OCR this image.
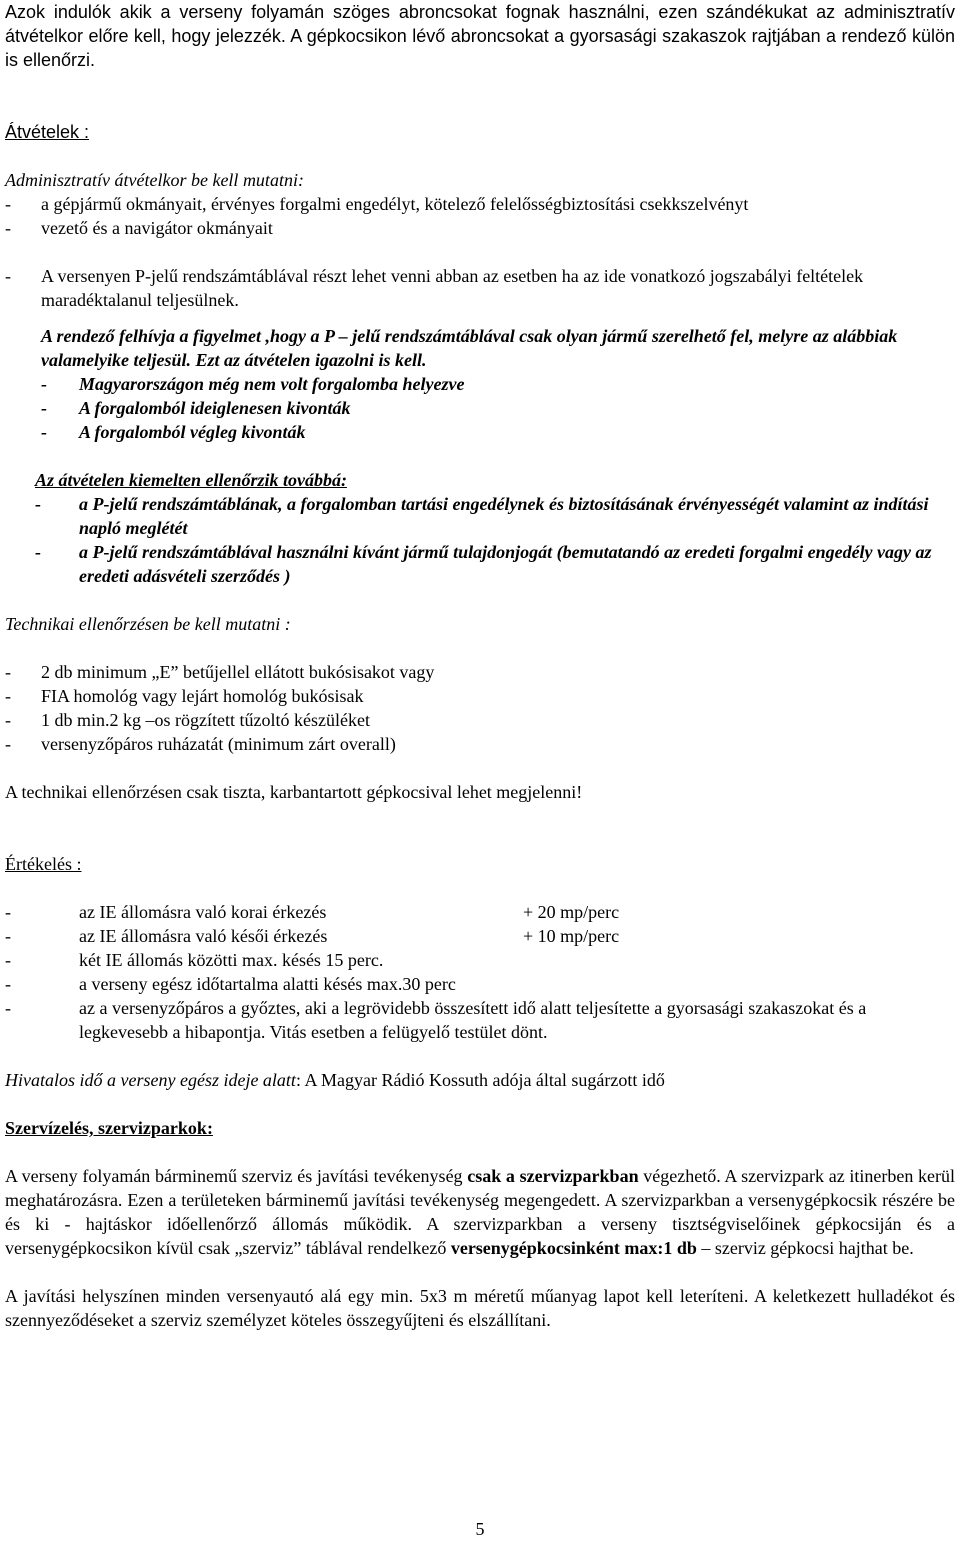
Azok indulók akik a verseny folyamán szöges abroncsokat fognak használni, ezen szándékukat az adminisztratív átvételkor előre kell, hogy jelezzék. A gépkocsikon lévő abroncsokat a gyorsasági szakaszok rajtjában a rendező külön is ellenőrzi.

Átvételek :

Adminisztratív átvételkor be kell mutatni:

-	a gépjármű okmányait, érvényes forgalmi engedélyt, kötelező felelősségbiztosítási csekkszelvényt
-	vezető és a navigátor okmányait
-	A versenyen P-jelű rendszámtáblával részt lehet venni abban az esetben ha az ide vonatkozó jogszabályi feltételek maradéktalanul teljesülnek.

A rendező felhívja a figyelmet ,hogy a P – jelű rendszámtáblával csak olyan jármű szerelhető fel, melyre az alábbiak valamelyike teljesül. Ezt az átvételen igazolni is kell.

-	Magyarországon még nem volt forgalomba helyezve
-	A forgalomból ideiglenesen kivonták
-	A forgalomból végleg kivonták

Az átvételen kiemelten ellenőrzik továbbá:

-	a P-jelű rendszámtáblának, a forgalomban tartási engedélynek és biztosításának érvényességét valamint az indítási napló meglétét
-	a P-jelű rendszámtáblával használni kívánt jármű tulajdonjogát (bemutatandó az eredeti forgalmi engedély vagy az eredeti adásvételi szerződés )

Technikai ellenőrzésen be kell mutatni :

-	2 db minimum „E” betűjellel ellátott bukósisakot vagy
-	FIA homológ vagy lejárt homológ bukósisak
-	1 db min.2 kg –os rögzített tűzoltó készüléket
-	versenyzőpáros ruházatát (minimum zárt overall)

A technikai ellenőrzésen csak tiszta, karbantartott gépkocsival lehet megjelenni!

Értékelés :

-	az IE állomásra való korai érkezés	+ 20 mp/perc
-	az IE állomásra való késői érkezés	+ 10 mp/perc
-	két IE állomás közötti max. késés 15 perc.
-	a verseny egész időtartalma alatti késés max.30 perc
-	az a versenyzőpáros a győztes, aki a legrövidebb összesített idő alatt teljesítette a gyorsasági szakaszokat és a legkevesebb a hibapontja. Vitás esetben a felügyelő testület dönt.

Hivatalos idő a verseny egész ideje alatt: A Magyar Rádió Kossuth adója által sugárzott idő

Szervízelés, szervizparkok:

A verseny folyamán bárminemű szerviz és javítási tevékenység csak a szervizparkban végezhető. A szervizpark az itinerben kerül meghatározásra. Ezen a területeken bárminemű javítási tevékenység megengedett. A szervizparkban a versenygépkocsik részére be és ki - hajtáskor időellenőrző állomás működik. A szervizparkban a verseny tisztségviselőinek gépkocsiján és a versenygépkocsikon kívül csak „szerviz” táblával rendelkező versenygépkocsinként max:1 db – szerviz gépkocsi hajthat be.

A javítási helyszínen minden versenyautó alá egy min. 5x3 m méretű műanyag lapot kell leteríteni. A keletkezett hulladékot és szennyeződéseket a szerviz személyzet köteles összegyűjteni és elszállítani.

5
